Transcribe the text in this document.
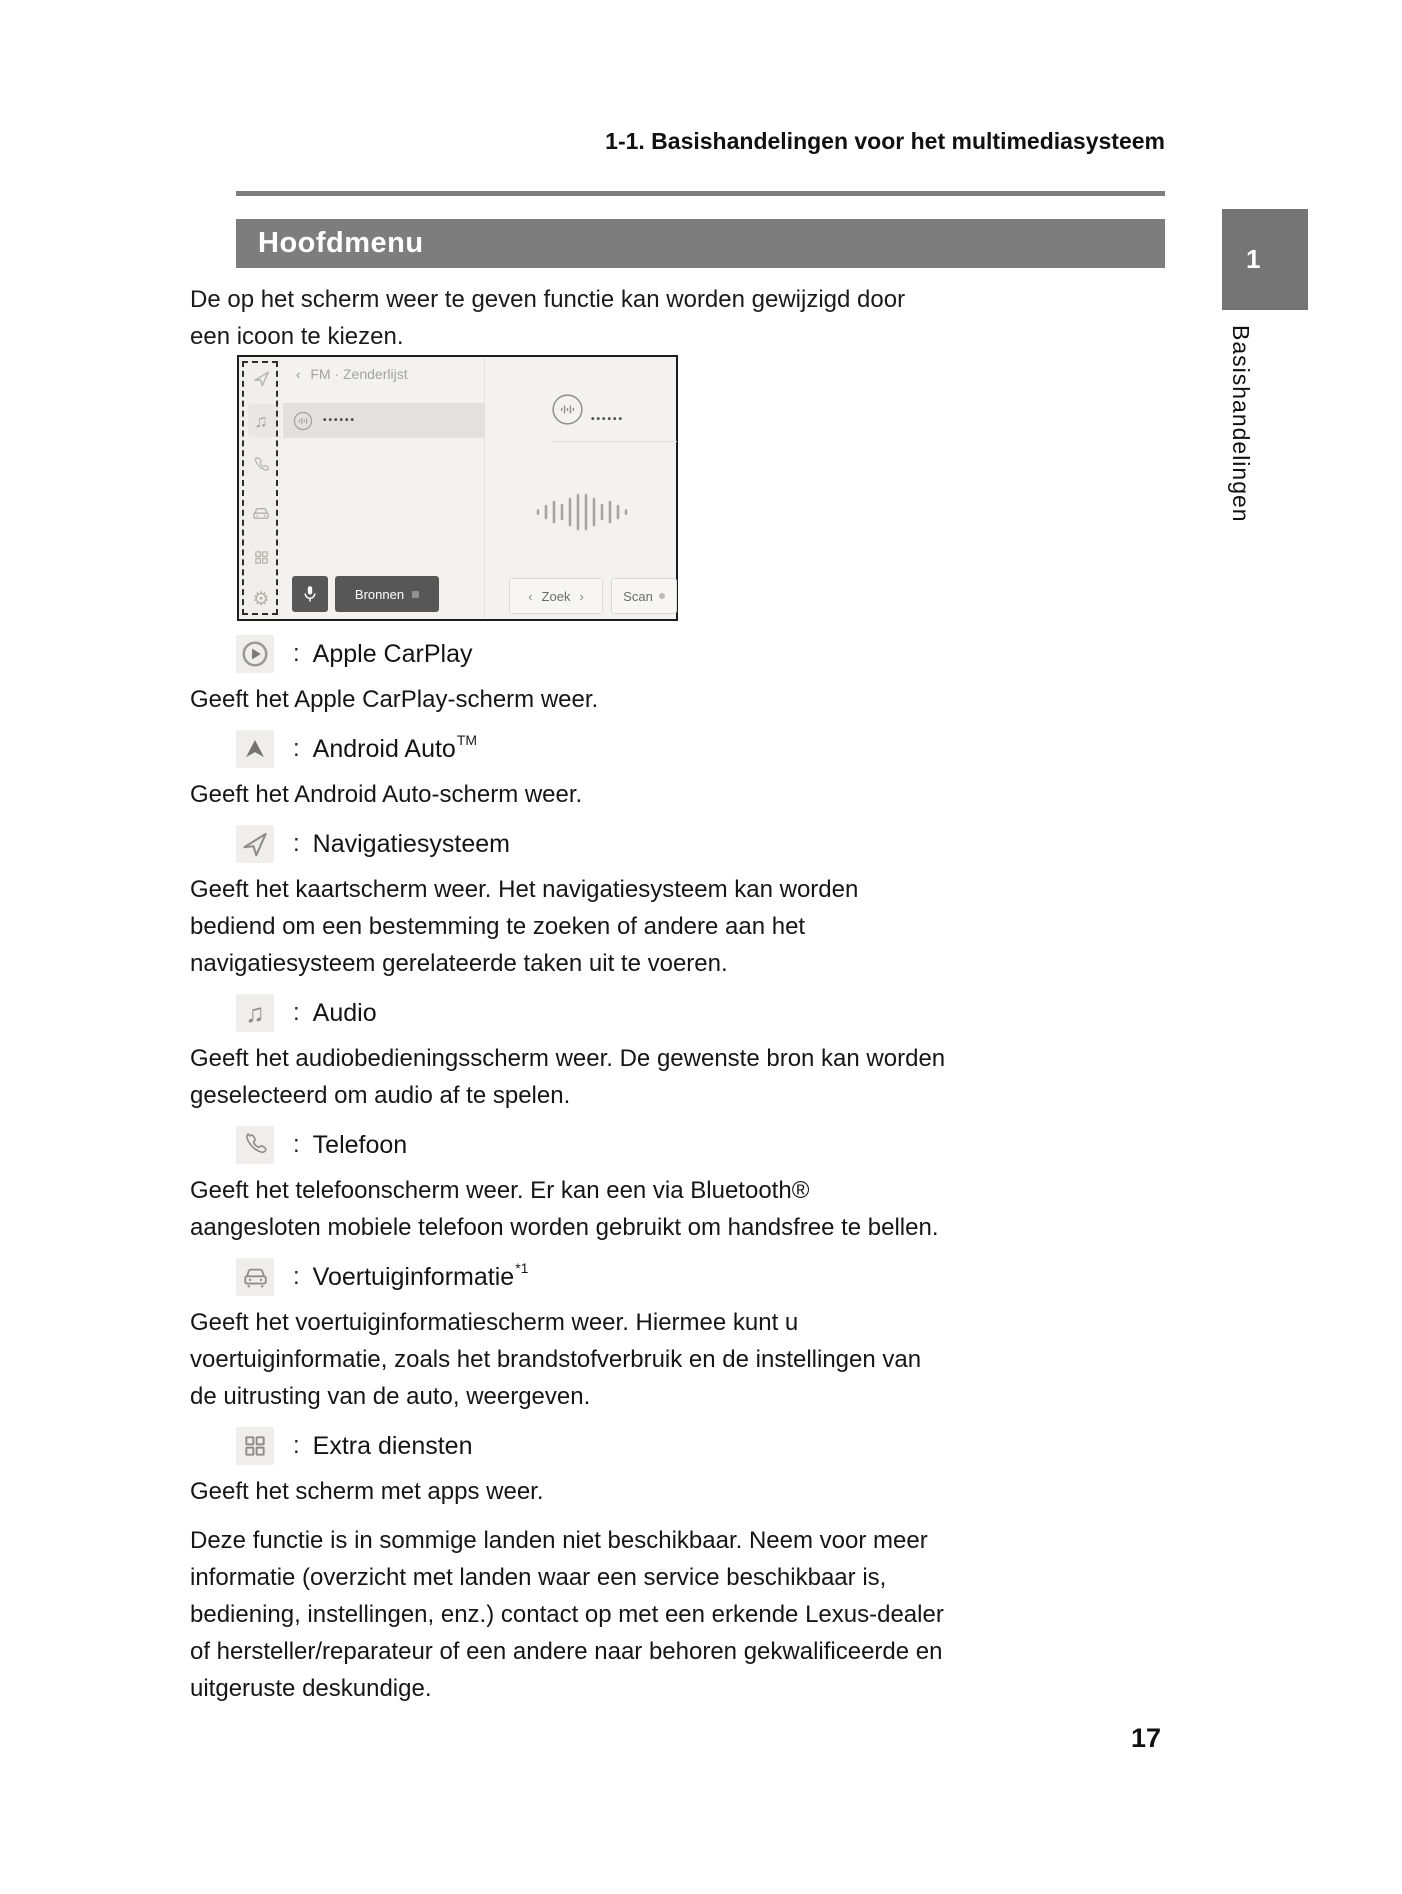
1-1. Basishandelingen voor het multimediasysteem
Hoofdmenu
De op het scherm weer te geven functie kan worden gewijzigd door een icoon te kiezen.
1
Basishandelingen
17
♫
⚙
‹ FM · Zenderlijst
••••••	••••••
Bronnen	‹ Zoek ›	Scan
: Apple CarPlay

Geeft het Apple CarPlay-scherm weer.

: Android Auto TM

Geeft het Android Auto-scherm weer.

: Navigatiesysteem

Geeft het kaartscherm weer. Het navigatiesysteem kan worden bediend om een bestemming te zoeken of andere aan het navigatiesysteem gerelateerde taken uit te voeren.

♫	: Audio

Geeft het audiobedieningsscherm weer. De gewenste bron kan worden geselecteerd om audio af te spelen.

: Telefoon

Geeft het telefoonscherm weer. Er kan een via Bluetooth® aangesloten mobiele telefoon worden gebruikt om handsfree te bellen.

: Voertuiginformatie *1

Geeft het voertuiginformatiescherm weer. Hiermee kunt u voertuiginformatie, zoals het brandstofverbruik en de instellingen van de uitrusting van de auto, weergeven.

: Extra diensten

Geeft het scherm met apps weer.

Deze functie is in sommige landen niet beschikbaar. Neem voor meer informatie (overzicht met landen waar een service beschikbaar is, bediening, instellingen, enz.) contact op met een erkende Lexus-dealer of hersteller/reparateur of een andere naar behoren gekwalificeerde en uitgeruste deskundige.
